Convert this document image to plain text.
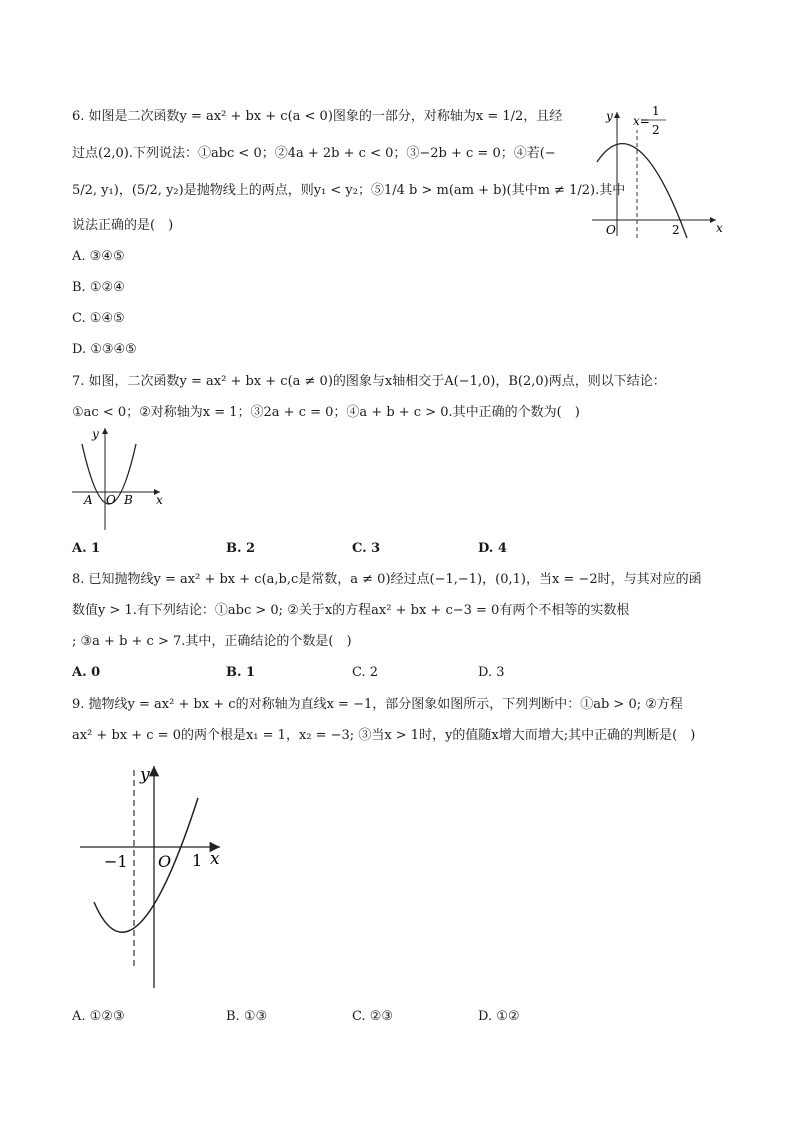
6. 如图是二次函数y = ax² + bx + c(a < 0)图象的一部分，对称轴为x = 1/2，且经
过点(2,0).下列说法：①abc < 0；②4a + 2b + c < 0；③−2b + c = 0；④若(−
5/2, y₁)，(5/2, y₂)是抛物线上的两点，则y₁ < y₂；⑤1/4 b > m(am + b)(其中m ≠ 1/2).其中
说法正确的是(　)
A. ③④⑤
B. ①②④
C. ①④⑤
D. ①③④⑤
y
x
O	2
x=
1
2
7. 如图，二次函数y = ax² + bx + c(a ≠ 0)的图象与x轴相交于A(−1,0)，B(2,0)两点，则以下结论：
①ac < 0；②对称轴为x = 1；③2a + c = 0；④a + b + c > 0.其中正确的个数为(　)
y
x
A O B
A. 1	B. 2	C. 3	D. 4
8. 已知抛物线y = ax² + bx + c(a,b,c是常数，a ≠ 0)经过点(−1,−1)，(0,1)，当x = −2时，与其对应的函
数值y > 1.有下列结论：①abc > 0; ②关于x的方程ax² + bx + c−3 = 0有两个不相等的实数根
; ③a + b + c > 7.其中，正确结论的个数是(　)
A. 0	B. 1	C. 2	D. 3
9. 抛物线y = ax² + bx + c的对称轴为直线x = −1，部分图象如图所示，下列判断中：①ab > 0; ②方程
ax² + bx + c = 0的两个根是x₁ = 1，x₂ = −3; ③当x > 1时，y的值随x增大而增大;其中正确的判断是(　)
y
x
O
−1	1
A. ①②③	B. ①③	C. ②③	D. ①②
